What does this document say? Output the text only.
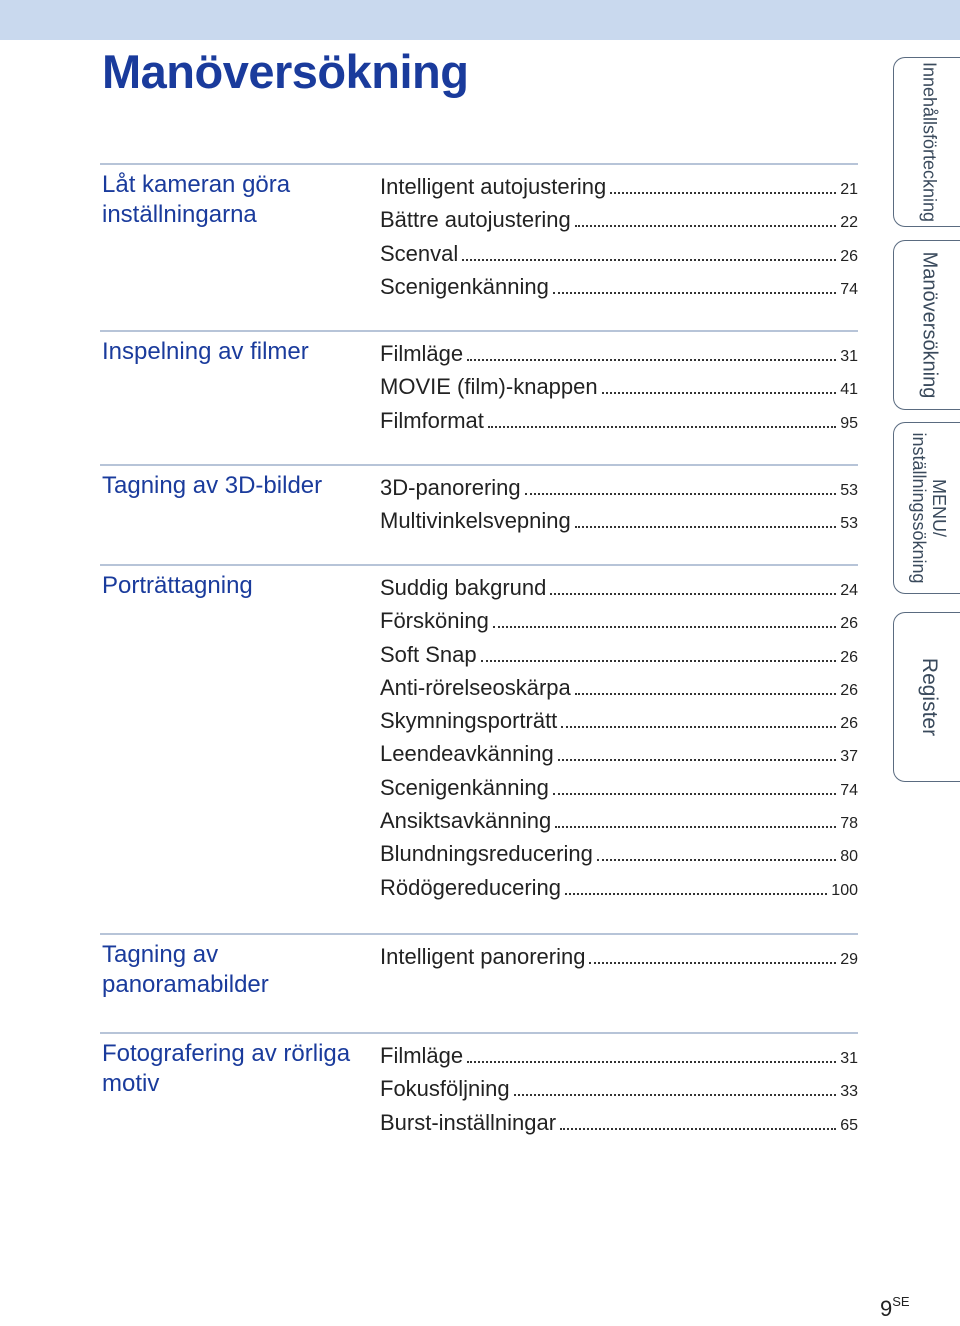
Manöversökning
Låt kameran göra inställningarna
Intelligent autojustering	21
Bättre autojustering	22
Scenval	26
Scenigenkänning	74
Inspelning av filmer	Filmläge	31
MOVIE (film)-knappen	41
Filmformat	95
Tagning av 3D-bilder	3D-panorering	53
Multivinkelsvepning	53
Porträttagning	Suddig bakgrund	24
Försköning	26
Soft Snap	26
Anti-rörelseoskärpa	26
Skymningsporträtt	26
Leendeavkänning	37
Scenigenkänning	74
Ansiktsavkänning	78
Blundningsreducering	80
Rödögereducering	100
Tagning av panoramabilder
Intelligent panorering	29
Fotografering av rörliga motiv
Filmläge	31
Fokusföljning	33
Burst-inställningar	65
Innehållsförteckning
Manöversökning
MENU/
inställningssökning
Register
$9^{SE}$
